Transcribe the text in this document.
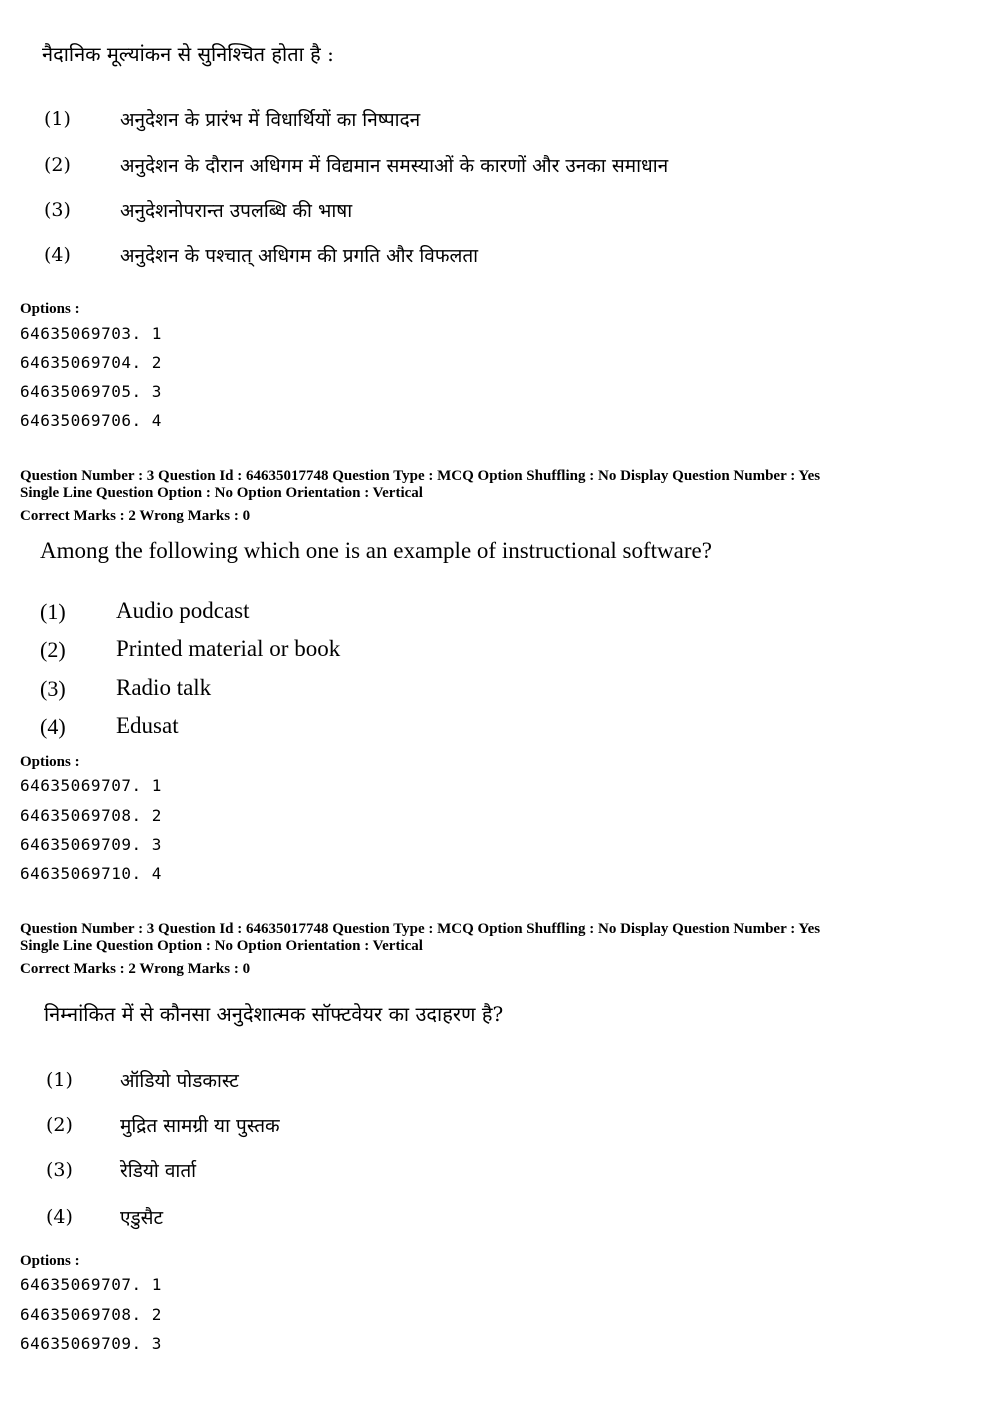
नैदानिक मूल्यांकन से सुनिश्चित होता है :
(1)	अनुदेशन के प्रारंभ में विधार्थियों का निष्पादन
(2)	अनुदेशन के दौरान अधिगम में विद्यमान समस्याओं के कारणों और उनका समाधान
(3)	अनुदेशनोपरान्त उपलब्धि की भाषा
(4)	अनुदेशन के पश्चात् अधिगम की प्रगति और विफलता
Options :
64635069703. 1
64635069704. 2
64635069705. 3
64635069706. 4
Question Number : 3 Question Id : 64635017748 Question Type : MCQ Option Shuffling : No Display Question Number : Yes
Single Line Question Option : No Option Orientation : Vertical
Correct Marks : 2 Wrong Marks : 0
Among the following which one is an example of instructional software?
(1) Audio podcast
(2) Printed material or book
(3) Radio talk
(4) Edusat
Options :
64635069707. 1
64635069708. 2
64635069709. 3
64635069710. 4
Question Number : 3 Question Id : 64635017748 Question Type : MCQ Option Shuffling : No Display Question Number : Yes
Single Line Question Option : No Option Orientation : Vertical
Correct Marks : 2 Wrong Marks : 0
निम्नांकित में से कौनसा अनुदेशात्मक सॉफ्टवेयर का उदाहरण है?
(1) ऑडियो पोडकास्ट
(2) मुद्रित सामग्री या पुस्तक
(3) रेडियो वार्ता
(4) एडुसैट
Options :
64635069707. 1
64635069708. 2
64635069709. 3
